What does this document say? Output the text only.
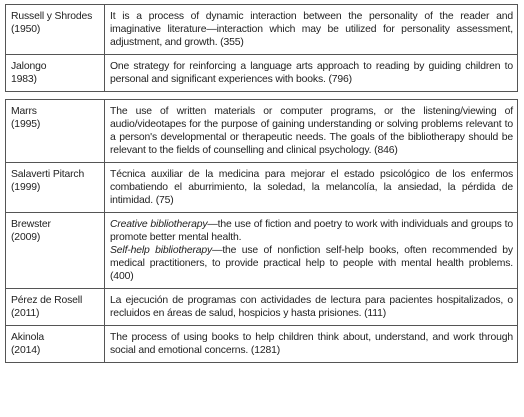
Russell y Shrodes
(1950)	It is a process of dynamic interaction between the personality of the reader and imaginative literature—interaction which may be utilized for personality assessment, adjustment, and growth. (355)

Jalongo
1983)	One strategy for reinforcing a language arts approach to reading by guiding children to personal and significant experiences with books. (796)
Marrs
(1995)	The use of written materials or computer programs, or the listening/viewing of audio/videotapes for the purpose of gaining understanding or solving problems relevant to a person's developmental or therapeutic needs. The goals of the bibliotherapy should be relevant to the fields of counselling and clinical psychology. (846)

Salaverti Pitarch
(1999)	Técnica auxiliar de la medicina para mejorar el estado psicológico de los enfermos combatiendo el aburrimiento, la soledad, la melancolía, la ansiedad, la pérdida de intimidad. (75)

Brewster
(2009)	Creative bibliotherapy—the use of fiction and poetry to work with individuals and groups to promote better mental health.
Self-help bibliotherapy—the use of nonfiction self-help books, often recommended by medical practitioners, to provide practical help to people with mental health problems. (400)

Pérez de Rosell
(2011)	La ejecución de programas con actividades de lectura para pacientes hospitalizados, o recluidos en áreas de salud, hospicios y hasta prisiones. (111)

Akinola
(2014)	The process of using books to help children think about, understand, and work through social and emotional concerns. (1281)
